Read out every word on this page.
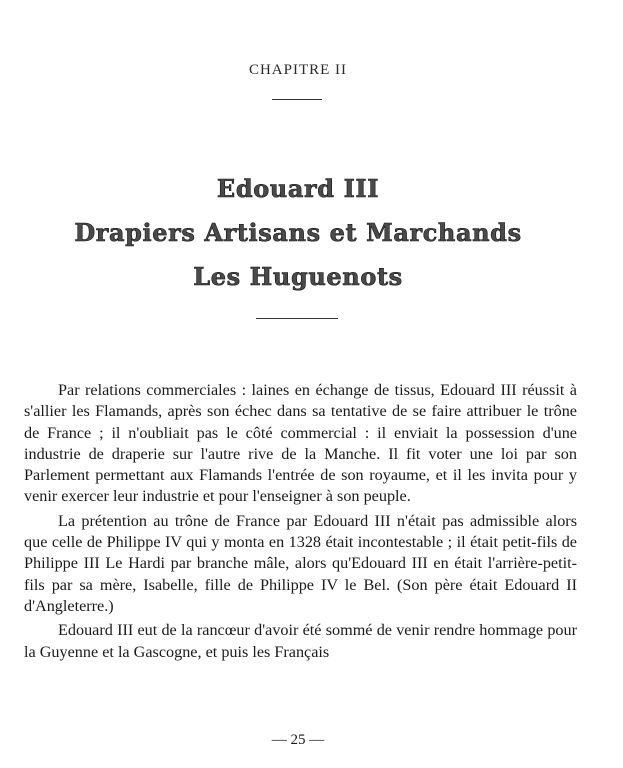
CHAPITRE II
Edouard III
Drapiers Artisans et Marchands
Les Huguenots

Par relations commerciales : laines en échange de tissus, Edouard III réussit à s'allier les Flamands, après son échec dans sa tentative de se faire attribuer le trône de France ; il n'oubliait pas le côté commercial : il enviait la possession d'une industrie de draperie sur l'autre rive de la Manche. Il fit voter une loi par son Parlement permettant aux Flamands l'entrée de son royaume, et il les invita pour y venir exercer leur industrie et pour l'enseigner à son peuple.

La prétention au trône de France par Edouard III n'était pas admissible alors que celle de Philippe IV qui y monta en 1328 était incontestable ; il était petit-fils de Philippe III Le Hardi par branche mâle, alors qu'Edouard III en était l'arrière-petit-fils par sa mère, Isabelle, fille de Philippe IV le Bel. (Son père était Edouard II d'Angleterre.)

Edouard III eut de la rancœur d'avoir été sommé de venir rendre hommage pour la Guyenne et la Gascogne, et puis les Français

— 25 —
